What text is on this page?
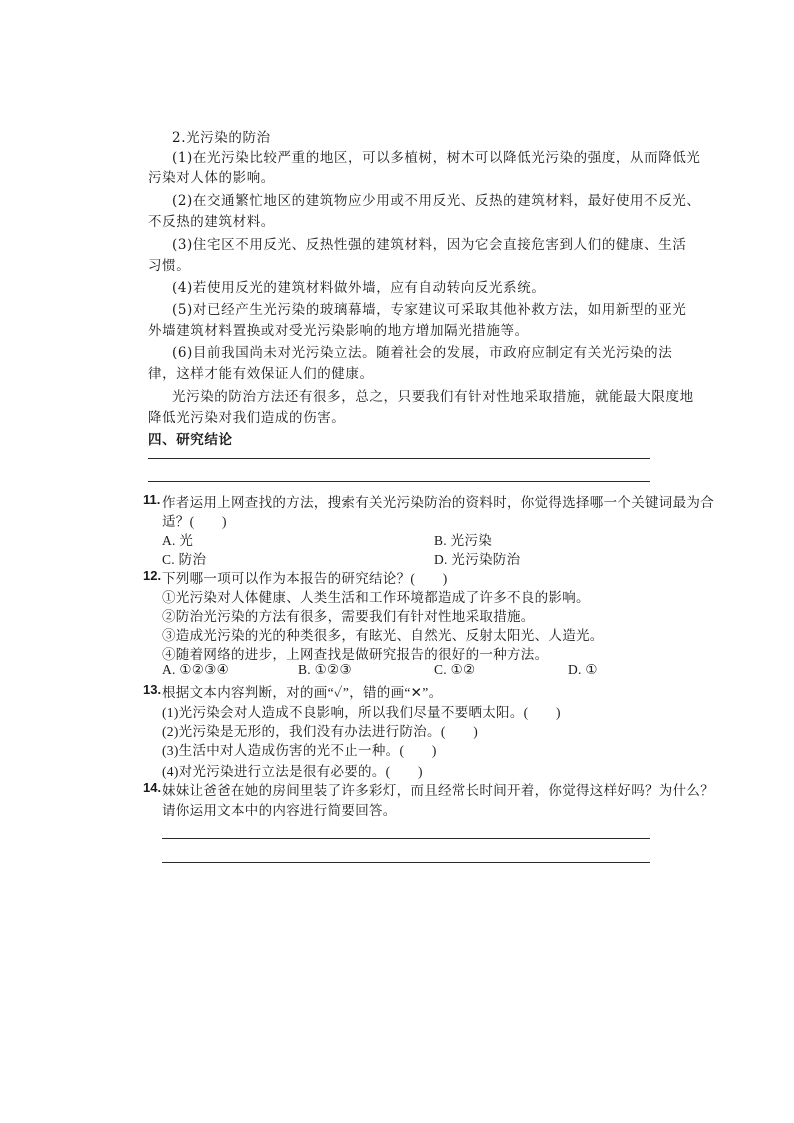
2.光污染的防治
(1)在光污染比较严重的地区，可以多植树，树木可以降低光污染的强度，从而降低光
污染对人体的影响。
(2)在交通繁忙地区的建筑物应少用或不用反光、反热的建筑材料，最好使用不反光、
不反热的建筑材料。
(3)住宅区不用反光、反热性强的建筑材料，因为它会直接危害到人们的健康、生活
习惯。
(4)若使用反光的建筑材料做外墙，应有自动转向反光系统。
(5)对已经产生光污染的玻璃幕墙，专家建议可采取其他补救方法，如用新型的亚光
外墙建筑材料置换或对受光污染影响的地方增加隔光措施等。
(6)目前我国尚未对光污染立法。随着社会的发展，市政府应制定有关光污染的法
律，这样才能有效保证人们的健康。
光污染的防治方法还有很多，总之，只要我们有针对性地采取措施，就能最大限度地
降低光污染对我们造成的伤害。
四、研究结论
11. 作者运用上网查找的方法，搜索有关光污染防治的资料时，你觉得选择哪一个关键词最为合
适？(　　)
A. 光	B. 光污染
C. 防治	D. 光污染防治
12. 下列哪一项可以作为本报告的研究结论？(　　)
①光污染对人体健康、人类生活和工作环境都造成了许多不良的影响。
②防治光污染的方法有很多，需要我们有针对性地采取措施。
③造成光污染的光的种类很多，有眩光、自然光、反射太阳光、人造光。
④随着网络的进步，上网查找是做研究报告的很好的一种方法。
A. ①②③④	B. ①②③	C. ①②	D. ①
13. 根据文本内容判断，对的画“✓”，错的画“✕”。
(1)光污染会对人造成不良影响，所以我们尽量不要晒太阳。(　　)
(2)光污染是无形的，我们没有办法进行防治。(　　)
(3)生活中对人造成伤害的光不止一种。(　　)
(4)对光污染进行立法是很有必要的。(　　)
14. 妹妹让爸爸在她的房间里装了许多彩灯，而且经常长时间开着，你觉得这样好吗？为什么？
请你运用文本中的内容进行简要回答。
